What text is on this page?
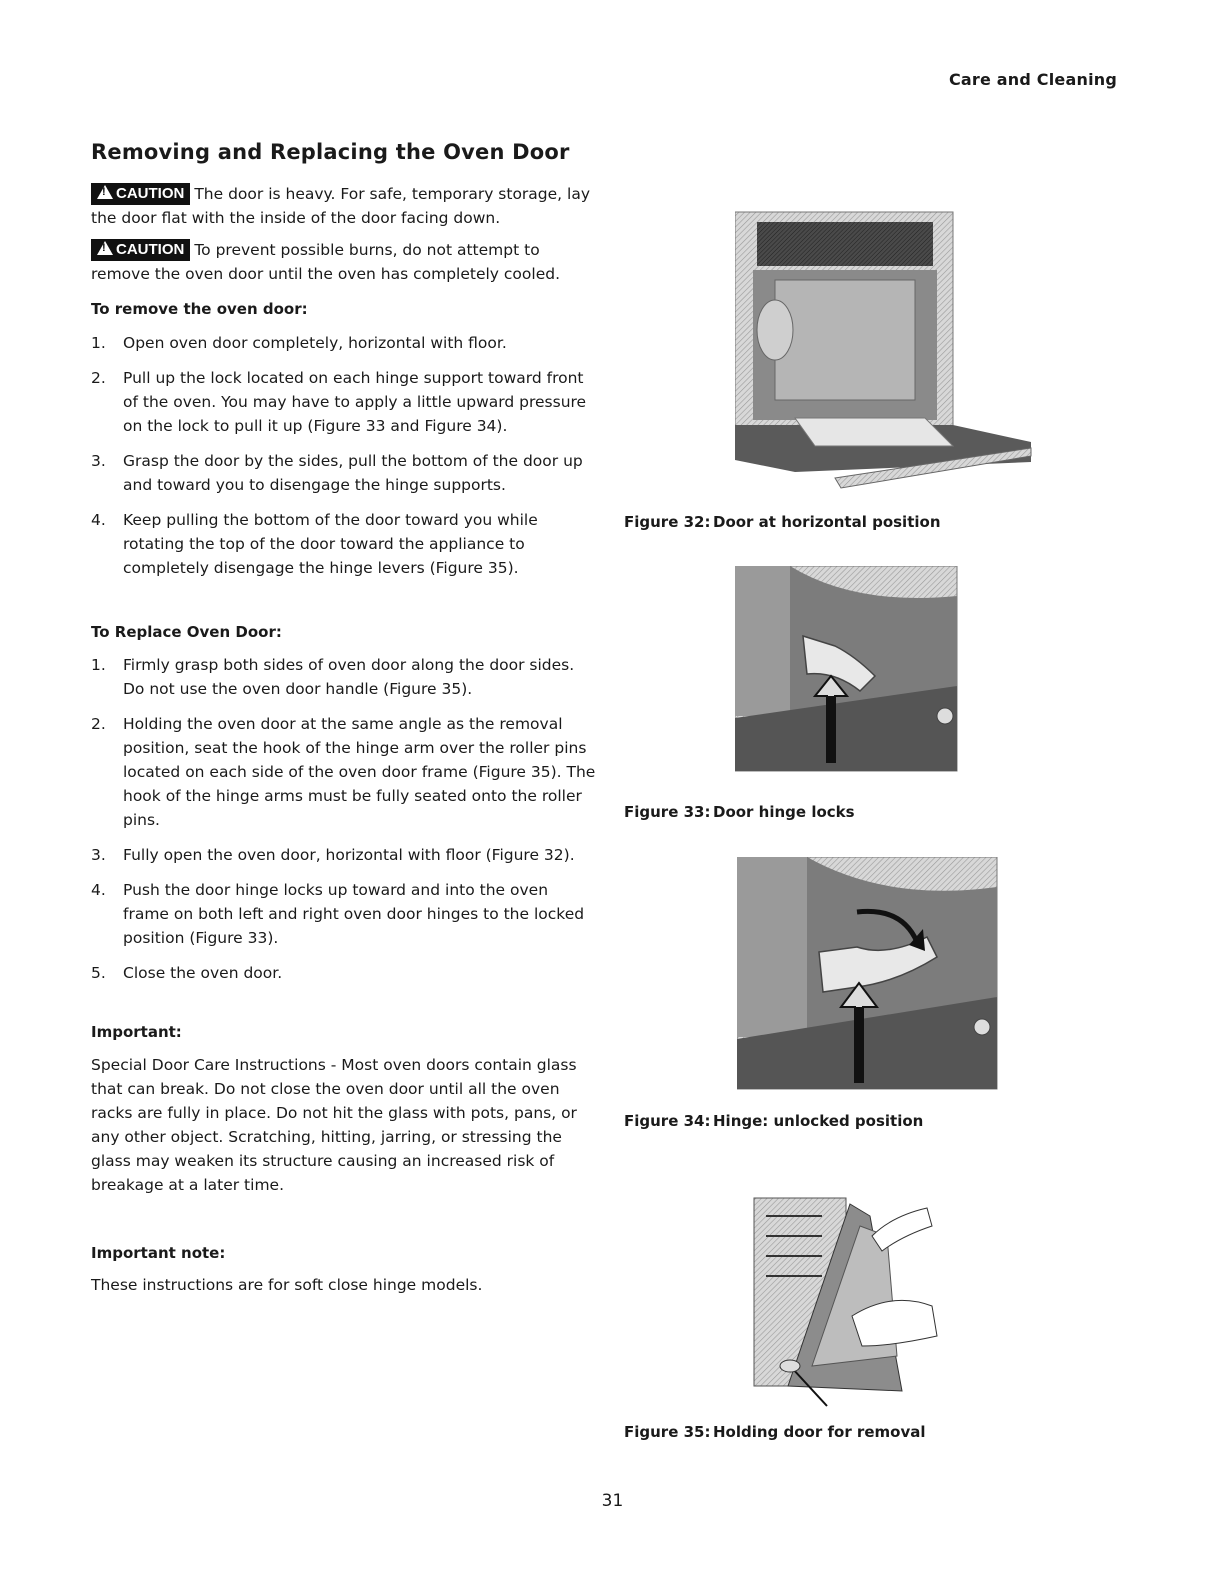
Care and Cleaning
Removing and Replacing the Oven Door
!CAUTION The door is heavy. For safe, temporary storage, lay the door flat with the inside of the door facing down.
!CAUTION To prevent possible burns, do not attempt to remove the oven door until the oven has completely cooled.
To remove the oven door:
1. Open oven door completely, horizontal with floor.
2. Pull up the lock located on each hinge support toward front of the oven. You may have to apply a little upward pressure on the lock to pull it up (Figure 33 and Figure 34).
3. Grasp the door by the sides, pull the bottom of the door up and toward you to disengage the hinge supports.
4. Keep pulling the bottom of the door toward you while rotating the top of the door toward the appliance to completely disengage the hinge levers (Figure 35).
To Replace Oven Door:
1. Firmly grasp both sides of oven door along the door sides. Do not use the oven door handle (Figure 35).
2. Holding the oven door at the same angle as the removal position, seat the hook of the hinge arm over the roller pins located on each side of the oven door frame (Figure 35). The hook of the hinge arms must be fully seated onto the roller pins.
3. Fully open the oven door, horizontal with floor (Figure 32).
4. Push the door hinge locks up toward and into the oven frame on both left and right oven door hinges to the locked position (Figure 33).
5. Close the oven door.
Important:
Special Door Care Instructions - Most oven doors contain glass that can break. Do not close the oven door until all the oven racks are fully in place. Do not hit the glass with pots, pans, or any other object. Scratching, hitting, jarring, or stressing the glass may weaken its structure causing an increased risk of breakage at a later time.
Important note:
These instructions are for soft close hinge models.
Figure 32: Door at horizontal position
Figure 33: Door hinge locks
Figure 34: Hinge: unlocked position
Figure 35: Holding door for removal
31
